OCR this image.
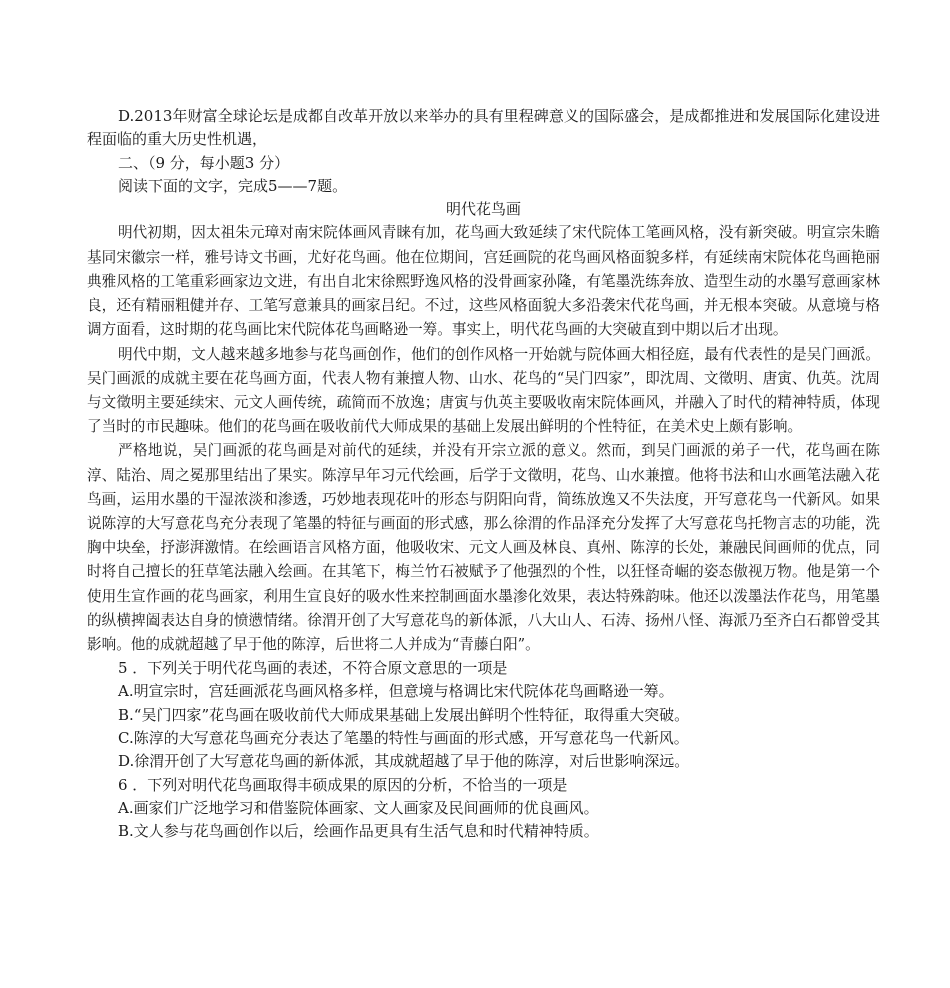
D.2013年财富全球论坛是成都自改革开放以来举办的具有里程碑意义的国际盛会，是成都推进和发展国际化建设进程面临的重大历史性机遇，

二、（9 分，每小题3 分）

阅读下面的文字，完成5——7题。

明代花鸟画

明代初期，因太祖朱元璋对南宋院体画风青睐有加，花鸟画大致延续了宋代院体工笔画风格，没有新突破。明宣宗朱瞻基同宋徽宗一样，雅号诗文书画，尤好花鸟画。他在位期间，宫廷画院的花鸟画风格面貌多样，有延续南宋院体花鸟画艳丽典雅风格的工笔重彩画家边文进，有出自北宋徐熙野逸风格的没骨画家孙隆，有笔墨洗练奔放、造型生动的水墨写意画家林良，还有精丽粗健并存、工笔写意兼具的画家吕纪。不过，这些风格面貌大多沿袭宋代花鸟画，并无根本突破。从意境与格调方面看，这时期的花鸟画比宋代院体花鸟画略逊一筹。事实上，明代花鸟画的大突破直到中期以后才出现。

明代中期，文人越来越多地参与花鸟画创作，他们的创作风格一开始就与院体画大相径庭，最有代表性的是吴门画派。吴门画派的成就主要在花鸟画方面，代表人物有兼擅人物、山水、花鸟的“吴门四家”，即沈周、文徵明、唐寅、仇英。沈周与文徵明主要延续宋、元文人画传统，疏简而不放逸；唐寅与仇英主要吸收南宋院体画风，并融入了时代的精神特质，体现了当时的市民趣味。他们的花鸟画在吸收前代大师成果的基础上发展出鲜明的个性特征，在美术史上颇有影响。

严格地说，吴门画派的花鸟画是对前代的延续，并没有开宗立派的意义。然而，到吴门画派的弟子一代，花鸟画在陈淳、陆治、周之冕那里结出了果实。陈淳早年习元代绘画，后学于文徵明，花鸟、山水兼擅。他将书法和山水画笔法融入花鸟画，运用水墨的干湿浓淡和渗透，巧妙地表现花叶的形态与阴阳向背，简练放逸又不失法度，开写意花鸟一代新风。如果说陈淳的大写意花鸟充分表现了笔墨的特征与画面的形式感，那么徐渭的作品泽充分发挥了大写意花鸟托物言志的功能，洗胸中块垒，抒澎湃激情。在绘画语言风格方面，他吸收宋、元文人画及林良、真州、陈淳的长处，兼融民间画师的优点，同时将自己擅长的狂草笔法融入绘画。在其笔下，梅兰竹石被赋予了他强烈的个性，以狂怪奇崛的姿态傲视万物。他是第一个使用生宣作画的花鸟画家，利用生宣良好的吸水性来控制画面水墨渗化效果，表达特殊韵味。他还以泼墨法作花鸟，用笔墨的纵横捭阖表达自身的愤懑情绪。徐渭开创了大写意花鸟的新体派，八大山人、石涛、扬州八怪、海派乃至齐白石都曾受其影响。他的成就超越了早于他的陈淳，后世将二人并成为“青藤白阳”。

5 ．下列关于明代花鸟画的表述，不符合原文意思的一项是

A.明宣宗时，宫廷画派花鸟画风格多样，但意境与格调比宋代院体花鸟画略逊一筹。

B.“吴门四家”花鸟画在吸收前代大师成果基础上发展出鲜明个性特征，取得重大突破。

C.陈淳的大写意花鸟画充分表达了笔墨的特性与画面的形式感，开写意花鸟一代新风。

D.徐渭开创了大写意花鸟画的新体派，其成就超越了早于他的陈淳，对后世影响深远。

6 ．下列对明代花鸟画取得丰硕成果的原因的分析，不恰当的一项是

A.画家们广泛地学习和借鉴院体画家、文人画家及民间画师的优良画风。

B.文人参与花鸟画创作以后，绘画作品更具有生活气息和时代精神特质。
